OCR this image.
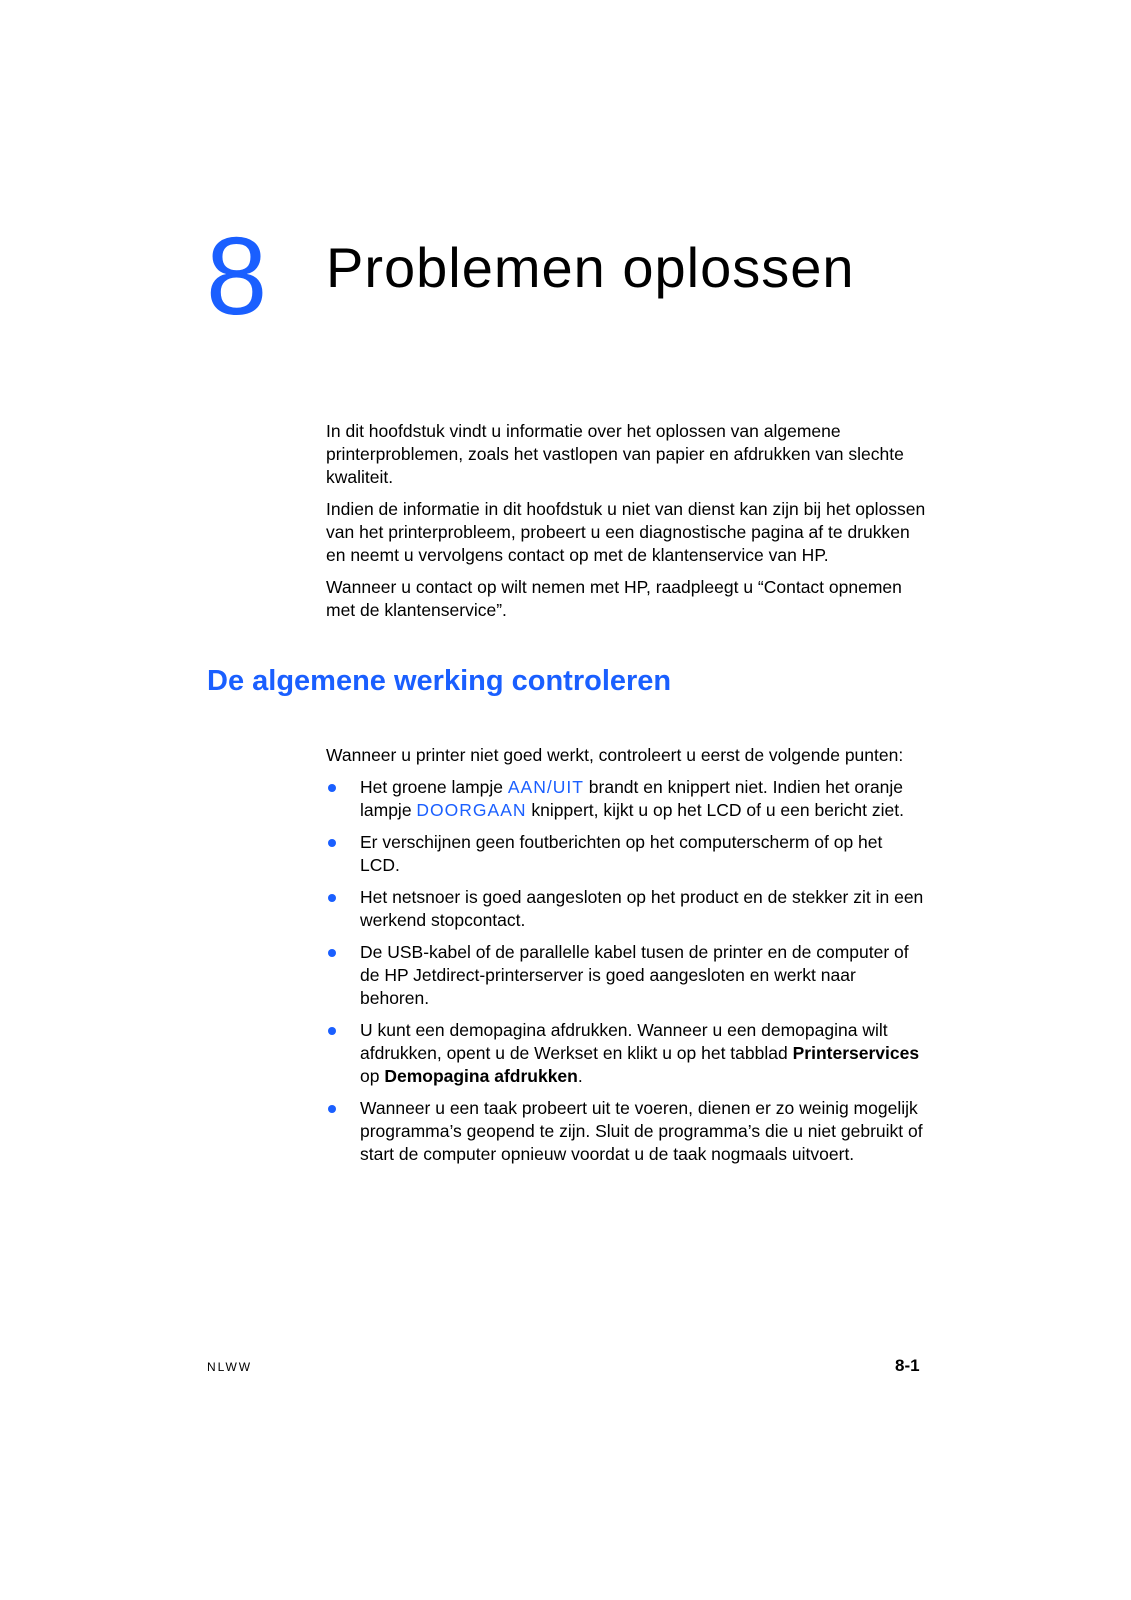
8 Problemen oplossen

In dit hoofdstuk vindt u informatie over het oplossen van algemene printerproblemen, zoals het vastlopen van papier en afdrukken van slechte kwaliteit.

Indien de informatie in dit hoofdstuk u niet van dienst kan zijn bij het oplossen van het printerprobleem, probeert u een diagnostische pagina af te drukken en neemt u vervolgens contact op met de klantenservice van HP.

Wanneer u contact op wilt nemen met HP, raadpleegt u “Contact opnemen met de klantenservice”.

De algemene werking controleren

Wanneer u printer niet goed werkt, controleert u eerst de volgende punten:

Het groene lampje AAN/UIT brandt en knippert niet. Indien het oranje lampje DOORGAAN knippert, kijkt u op het LCD of u een bericht ziet.
Er verschijnen geen foutberichten op het computerscherm of op het LCD.
Het netsnoer is goed aangesloten op het product en de stekker zit in een werkend stopcontact.
De USB-kabel of de parallelle kabel tusen de printer en de computer of de HP Jetdirect-printerserver is goed aangesloten en werkt naar behoren.
U kunt een demopagina afdrukken. Wanneer u een demopagina wilt afdrukken, opent u de Werkset en klikt u op het tabblad Printerservices op Demopagina afdrukken.
Wanneer u een taak probeert uit te voeren, dienen er zo weinig mogelijk programma’s geopend te zijn. Sluit de programma’s die u niet gebruikt of start de computer opnieuw voordat u de taak nogmaals uitvoert.
NLWW	8-1
